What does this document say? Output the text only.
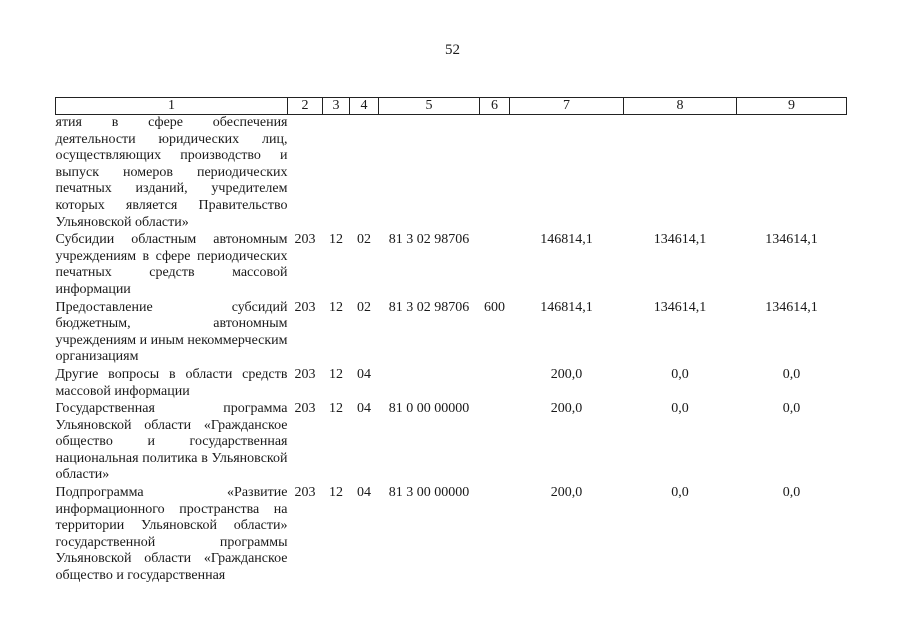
52
1	2	3	4	5	6	7	8	9
ятия в сфере обеспечения деятельности юридических лиц, осуществляющих производство и выпуск номеров периодических печатных изданий, учредителем которых является Правительство Ульяновской области»								
Субсидии областным автономным учреждениям в сфере периодических печатных средств массовой информации	203	12	02	81 3 02 98706		146814,1	134614,1	134614,1
Предоставление субсидий бюджетным, автономным учреждениям и иным некоммерческим организациям	203	12	02	81 3 02 98706	600	146814,1	134614,1	134614,1
Другие вопросы в области средств массовой информации	203	12	04			200,0	0,0	0,0
Государственная программа Ульяновской области «Гражданское общество и государственная национальная политика в Ульяновской области»	203	12	04	81 0 00 00000		200,0	0,0	0,0
Подпрограмма «Развитие информационного пространства на территории Ульяновской области» государственной программы Ульяновской области «Гражданское общество и государственная	203	12	04	81 3 00 00000		200,0	0,0	0,0
